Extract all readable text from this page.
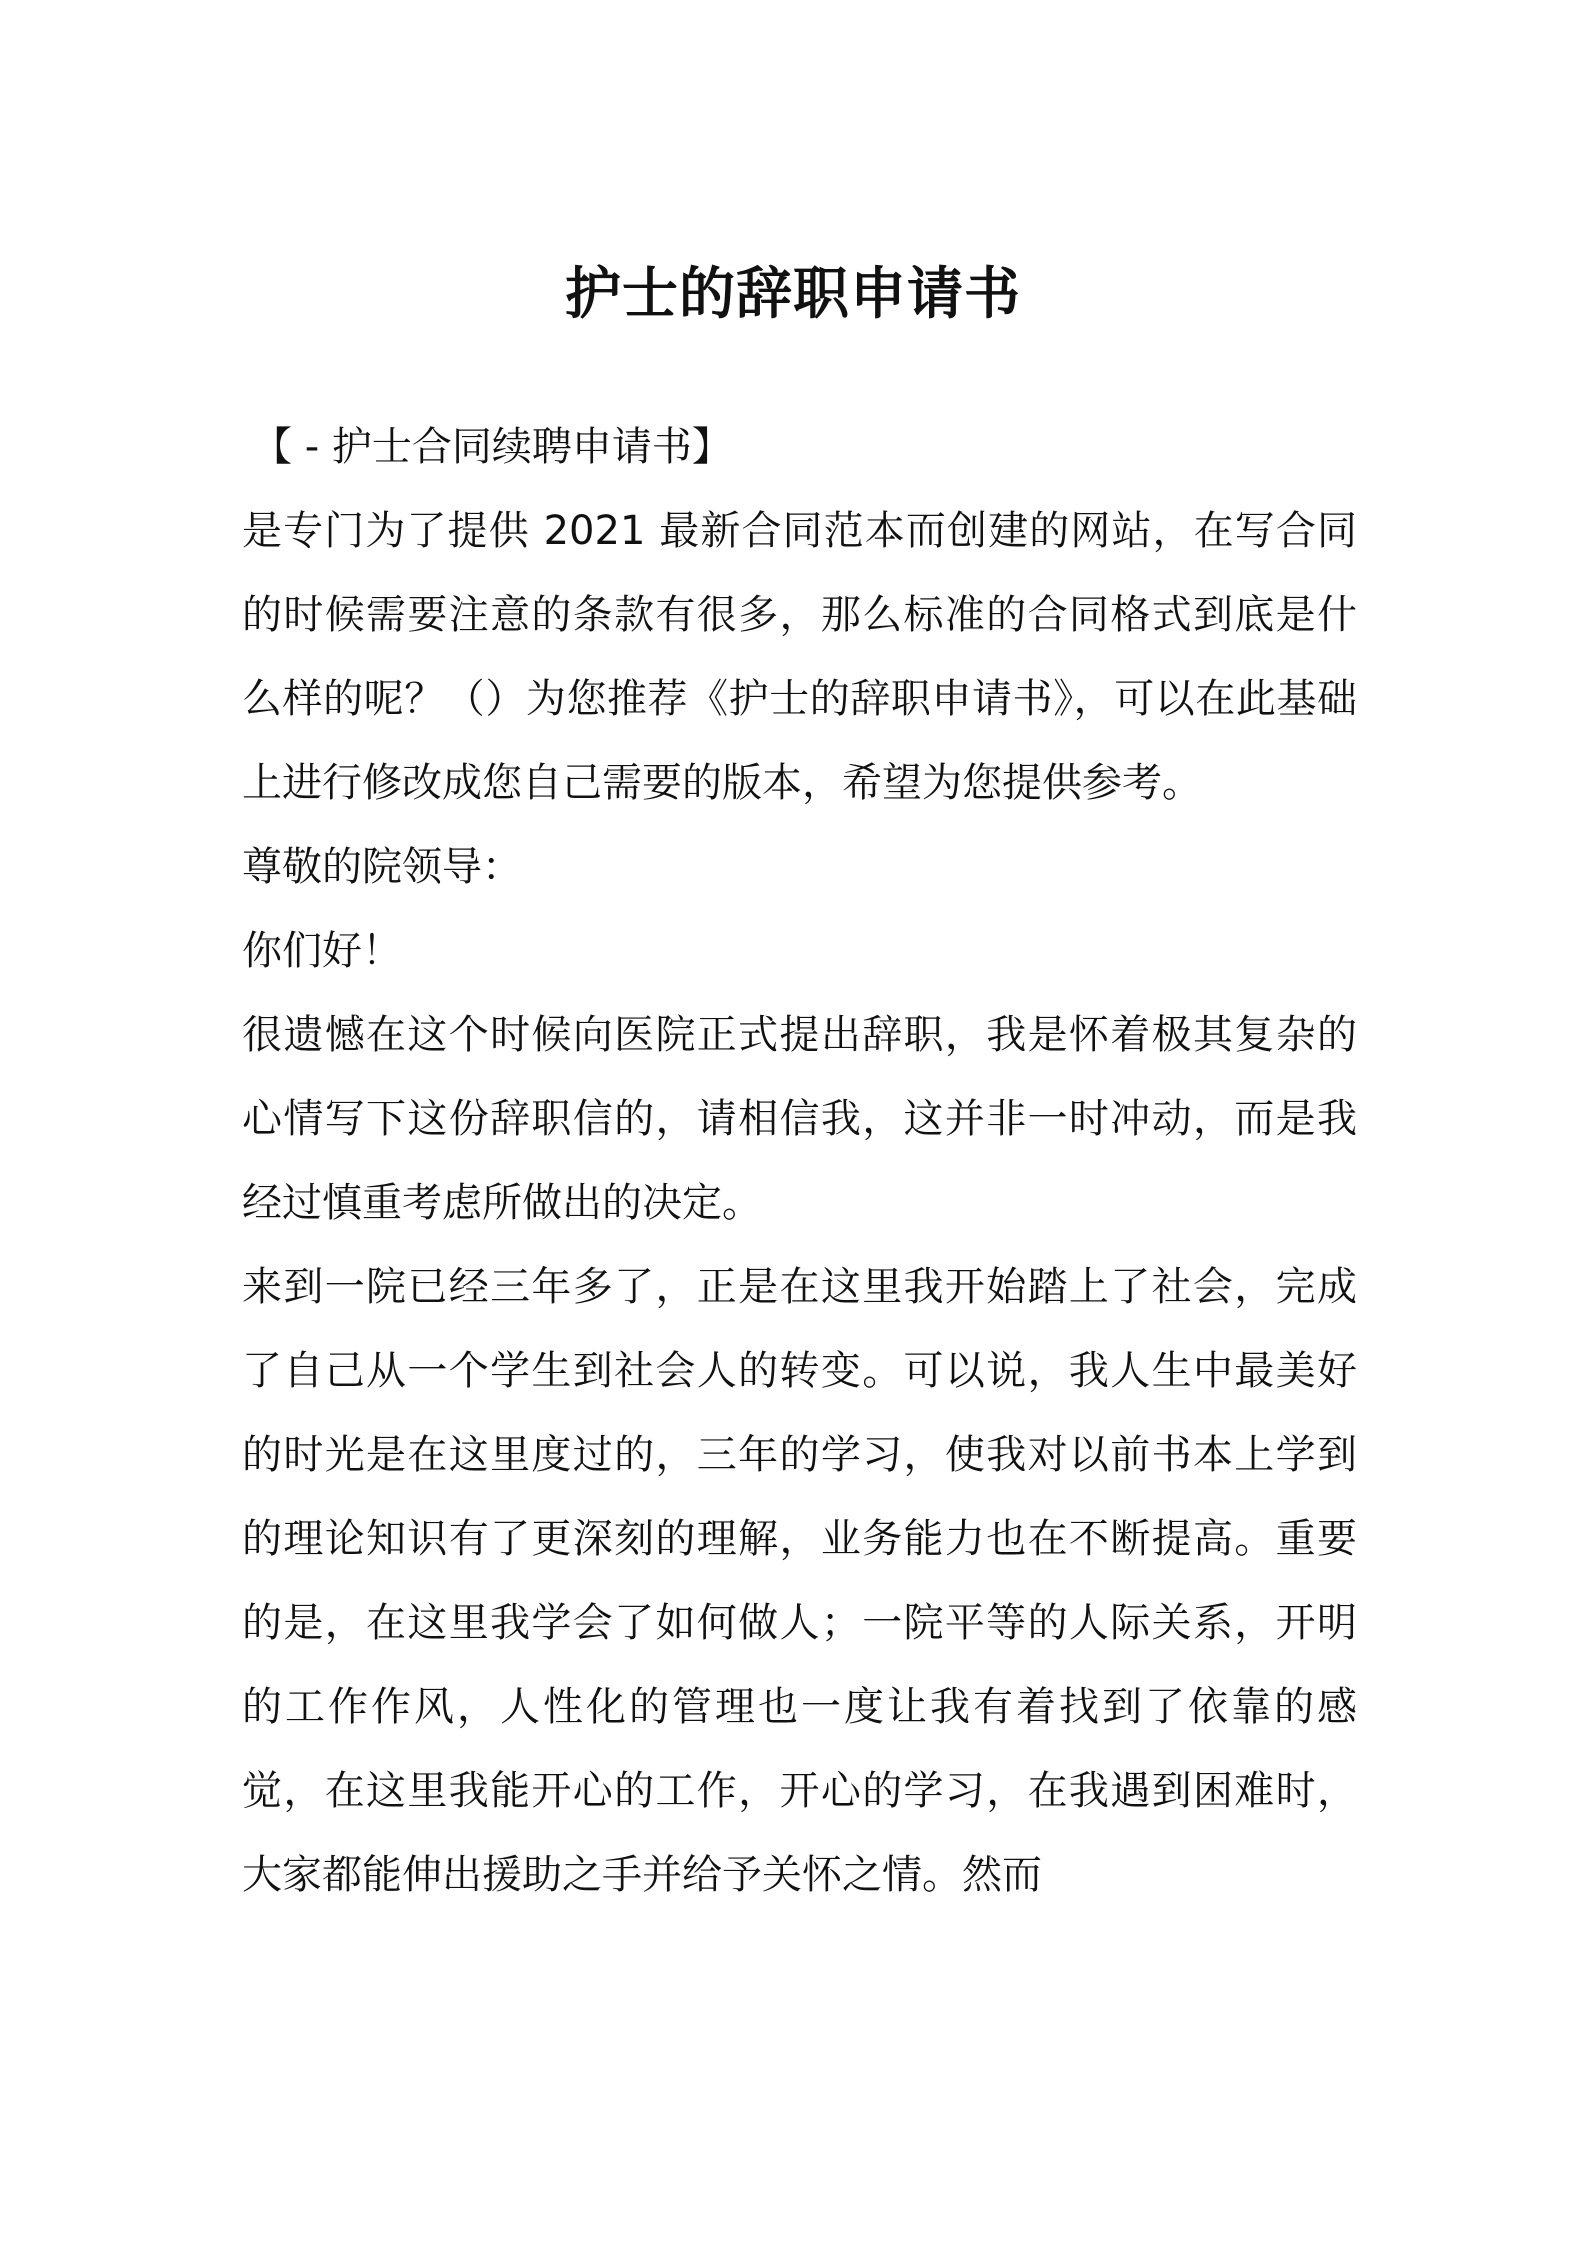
护士的辞职申请书

【 - 护士合同续聘申请书】

是专门为了提供 2021 最新合同范本而创建的网站，在写合同的时候需要注意的条款有很多，那么标准的合同格式到底是什么样的呢？（）为您推荐《护士的辞职申请书》，可以在此基础上进行修改成您自己需要的版本，希望为您提供参考。

尊敬的院领导：

你们好！

很遗憾在这个时候向医院正式提出辞职，我是怀着极其复杂的心情写下这份辞职信的，请相信我，这并非一时冲动，而是我经过慎重考虑所做出的决定。

来到一院已经三年多了，正是在这里我开始踏上了社会，完成了自己从一个学生到社会人的转变。可以说，我人生中最美好的时光是在这里度过的，三年的学习，使我对以前书本上学到的理论知识有了更深刻的理解，业务能力也在不断提高。重要的是，在这里我学会了如何做人；一院平等的人际关系，开明的工作作风，人性化的管理也一度让我有着找到了依靠的感觉，在这里我能开心的工作，开心的学习，在我遇到困难时，大家都能伸出援助之手并给予关怀之情。然而
